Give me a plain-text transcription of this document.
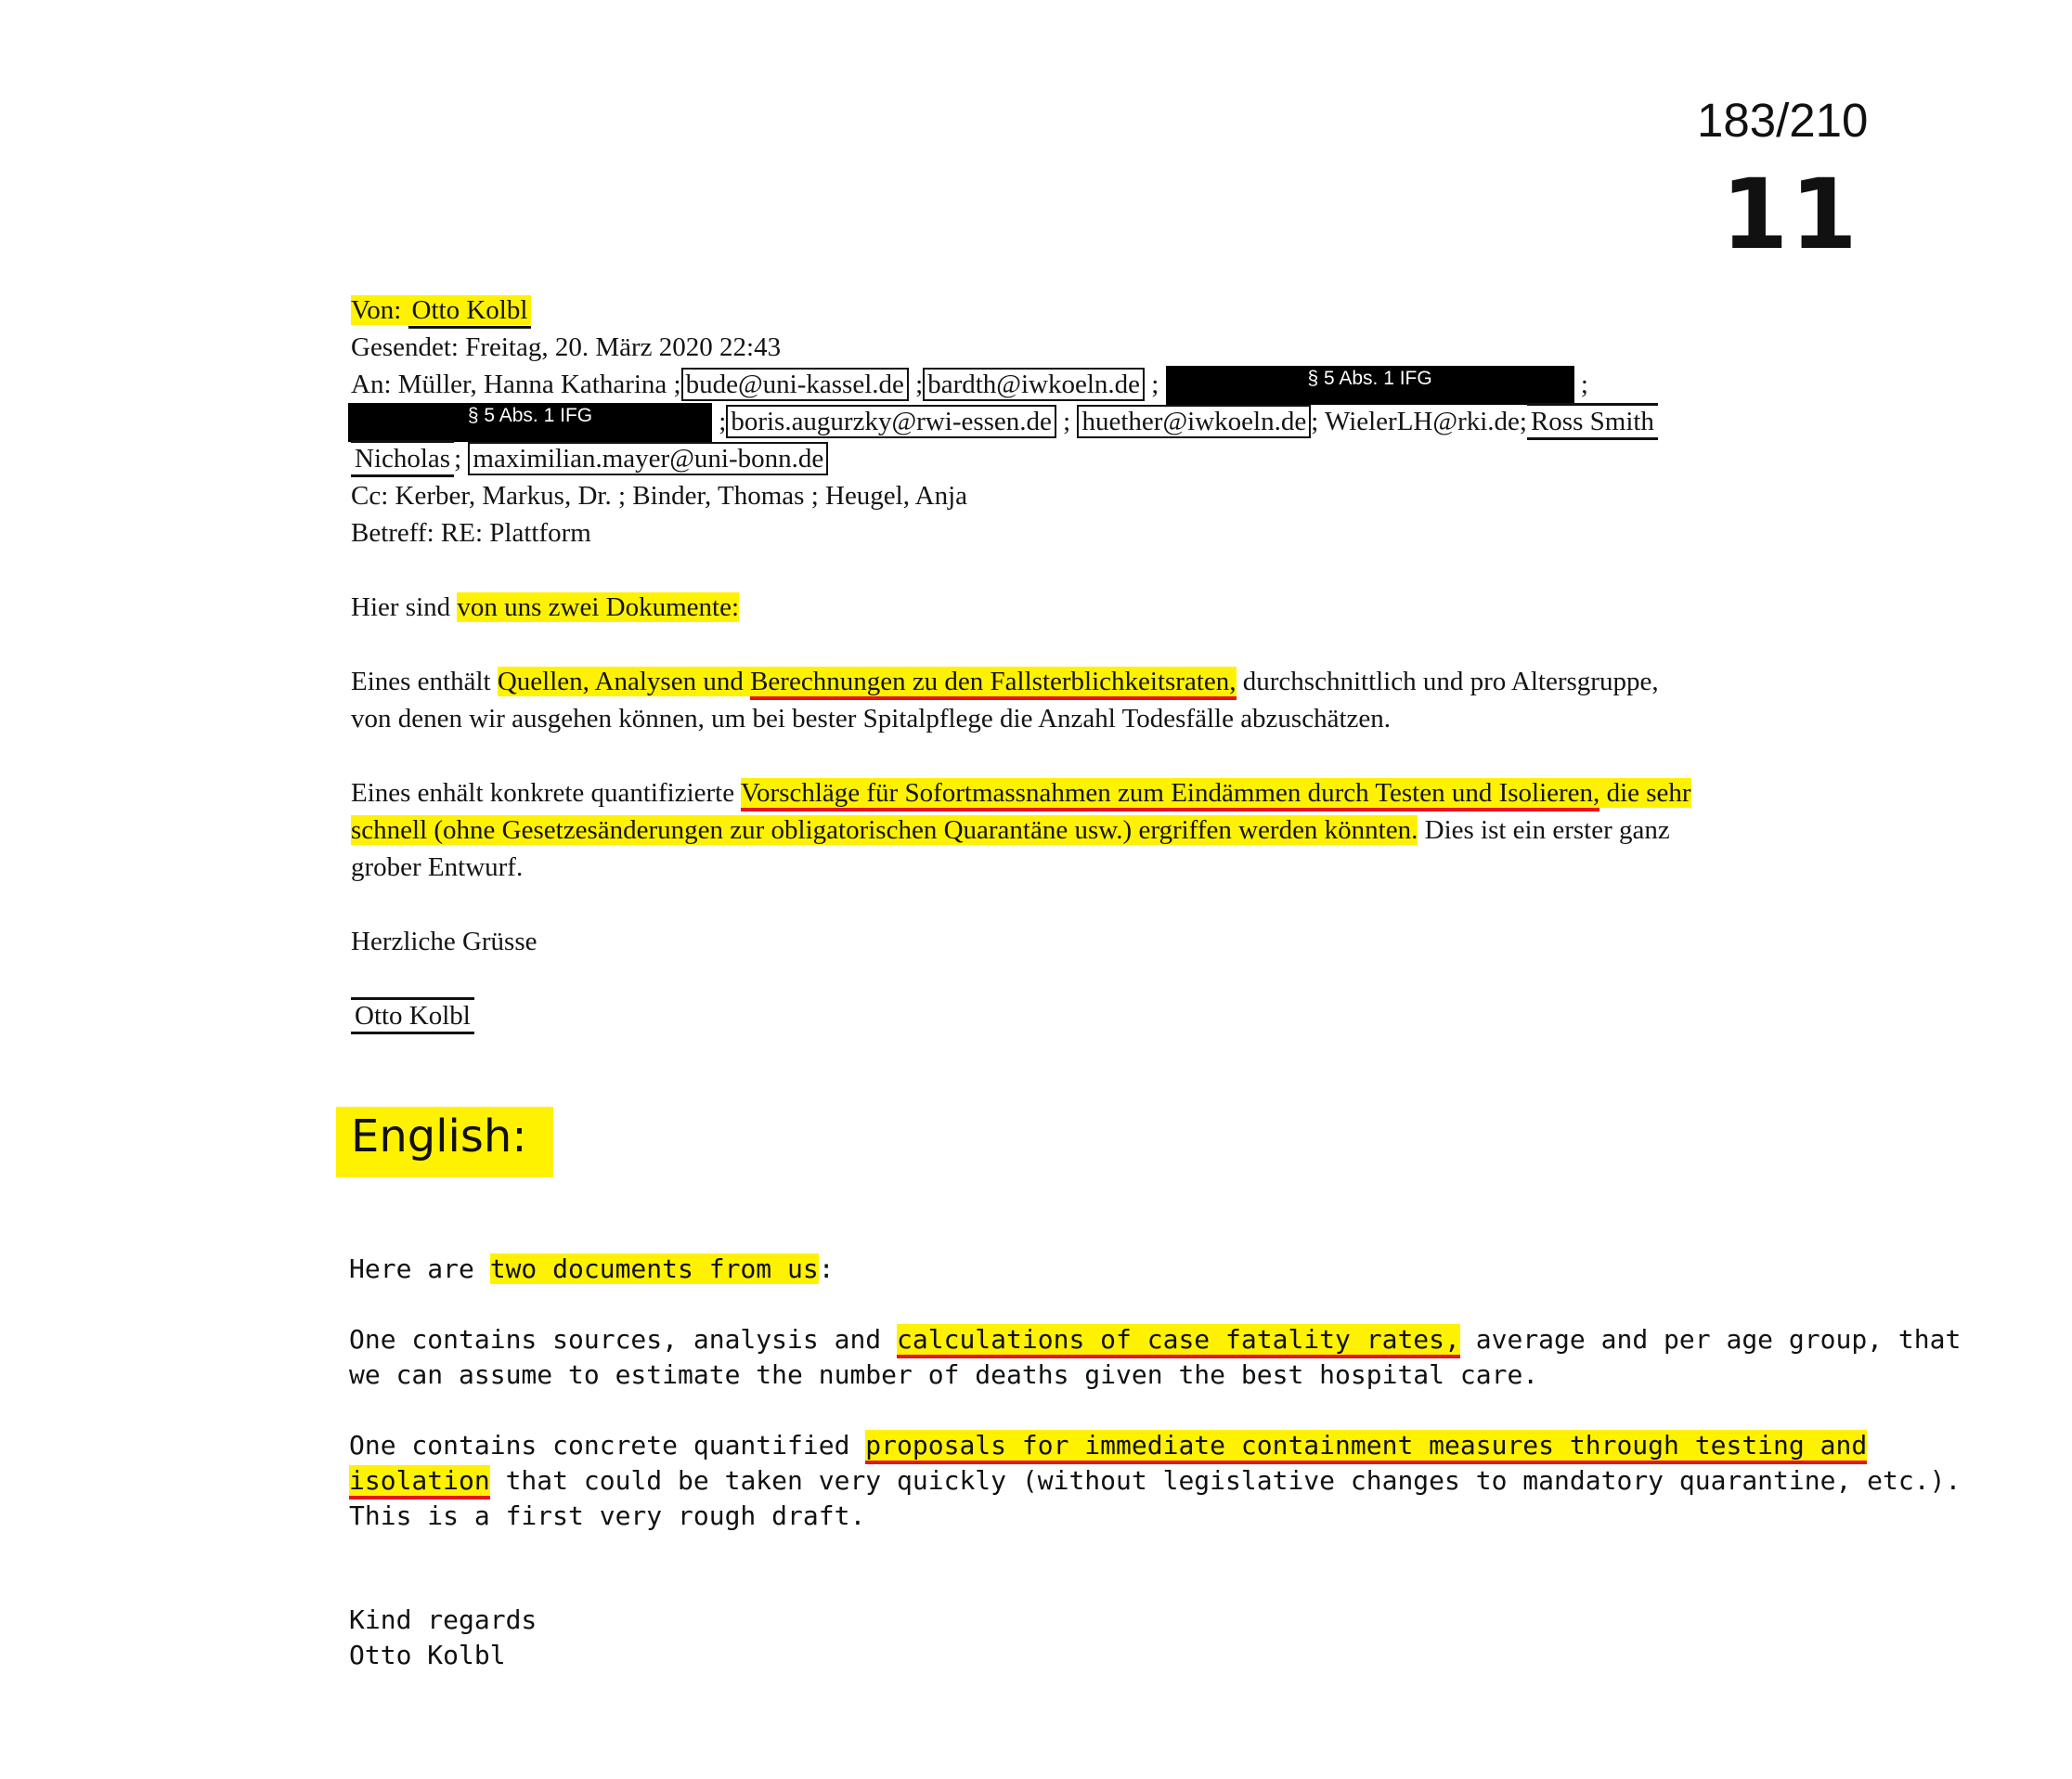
183/210
11
Von: Otto Kolbl
Gesendet: Freitag, 20. März 2020 22:43
An: Müller, Hanna Katharina ; bude@uni-kassel.de ; bardth@iwkoeln.de ;	§ 5 Abs. 1 IFG	;
§ 5 Abs. 1 IFG	; boris.augurzky@rwi-essen.de ; huether@iwkoeln.de ; WielerLH@rki.de; Ross Smith
Nicholas ; maximilian.mayer@uni-bonn.de
Cc: Kerber, Markus, Dr. ; Binder, Thomas ; Heugel, Anja
Betreff: RE: Plattform
Hier sind von uns zwei Dokumente:
Eines enthält Quellen, Analysen und Berechnungen zu den Fallsterblichkeitsraten, durchschnittlich und pro Altersgruppe,
von denen wir ausgehen können, um bei bester Spitalpflege die Anzahl Todesfälle abzuschätzen.
Eines enhält konkrete quantifizierte Vorschläge für Sofortmassnahmen zum Eindämmen durch Testen und Isolieren, die sehr
schnell (ohne Gesetzesänderungen zur obligatorischen Quarantäne usw.) ergriffen werden könnten. Dies ist ein erster ganz
grober Entwurf.
Herzliche Grüsse
Otto Kolbl
English:
Here are two documents from us:
One contains sources, analysis and calculations of case fatality rates, average and per age group, that
we can assume to estimate the number of deaths given the best hospital care.
One contains concrete quantified proposals for immediate containment measures through testing and
isolation that could be taken very quickly (without legislative changes to mandatory quarantine, etc.).
This is a first very rough draft.
Kind regards
Otto Kolbl
